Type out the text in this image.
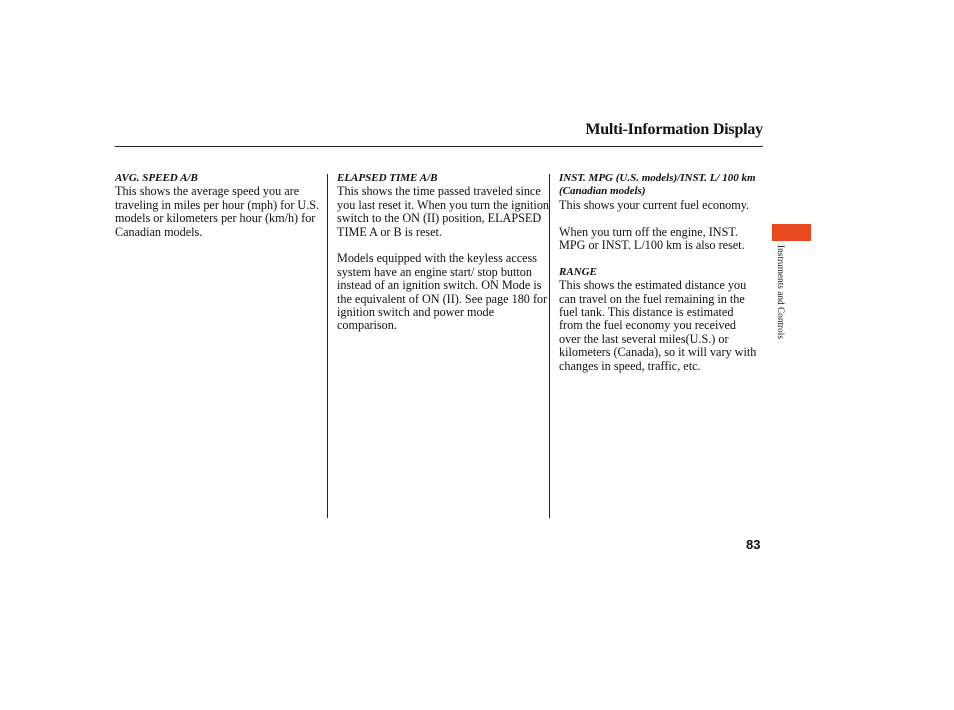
Multi-Information Display
AVG. SPEED A/B

This shows the average speed you are traveling in miles per hour (mph) for U.S. models or kilometers per hour (km/h) for Canadian models.

ELAPSED TIME A/B

This shows the time passed traveled since you last reset it. When you turn the ignition switch to the ON (II) position, ELAPSED TIME A or B is reset.

Models equipped with the keyless access system have an engine start/ stop button instead of an ignition switch. ON Mode is the equivalent of ON (II). See page 180 for ignition switch and power mode comparison.

INST. MPG (U.S. models)/INST. L/ 100 km (Canadian models)

This shows your current fuel economy.

When you turn off the engine, INST. MPG or INST. L/100 km is also reset.

RANGE

This shows the estimated distance you can travel on the fuel remaining in the fuel tank. This distance is estimated from the fuel economy you received over the last several miles(U.S.) or kilometers (Canada), so it will vary with changes in speed, traffic, etc.

Instruments and Controls
83
